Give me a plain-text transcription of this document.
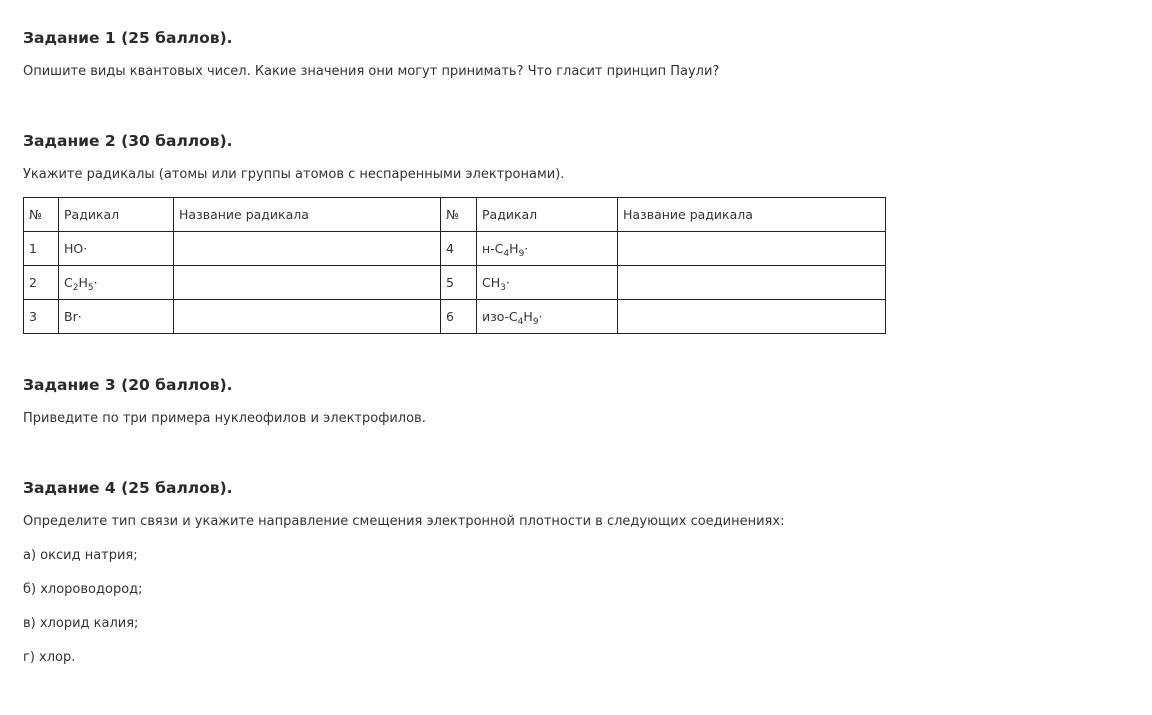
Задание 1 (25 баллов).
Опишите виды квантовых чисел. Какие значения они могут принимать? Что гласит принцип Паули?
Задание 2 (30 баллов).
Укажите радикалы (атомы или группы атомов с неспаренными электронами).
№	Радикал	Название радикала	№	Радикал	Название радикала
1	HO·		4	$н-C_4H_9\cdot$	
2	$C_2H_5\cdot$		5	$CH_3\cdot$	
3	Br·		6	изо-$C_4H_9\cdot$	
Задание 3 (20 баллов).
Приведите по три примера нуклеофилов и электрофилов.
Задание 4 (25 баллов).
Определите тип связи и укажите направление смещения электронной плотности в следующих соединениях:
а) оксид натрия;
б) хлороводород;
в) хлорид калия;
г) хлор.
